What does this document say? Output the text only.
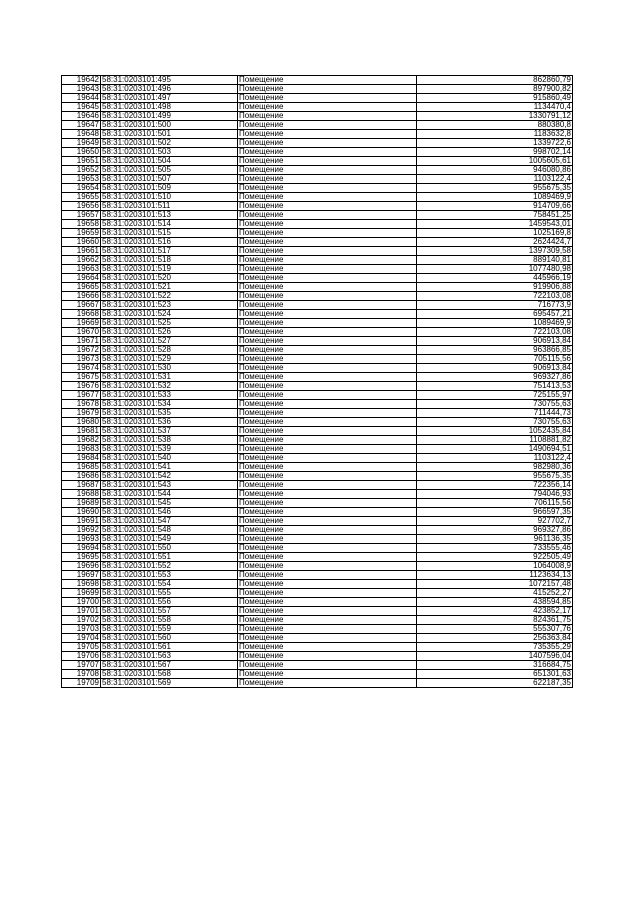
19642	58:31:0203101:495	Помещение	862860,79
19643	58:31:0203101:496	Помещение	897900,82
19644	58:31:0203101:497	Помещение	915860,49
19645	58:31:0203101:498	Помещение	1134470,4
19646	58:31:0203101:499	Помещение	1330791,12
19647	58:31:0203101:500	Помещение	880380,8
19648	58:31:0203101:501	Помещение	1183632,8
19649	58:31:0203101:502	Помещение	1339722,6
19650	58:31:0203101:503	Помещение	998702,14
19651	58:31:0203101:504	Помещение	1005605,61
19652	58:31:0203101:505	Помещение	946080,86
19653	58:31:0203101:507	Помещение	1103122,4
19654	58:31:0203101:509	Помещение	955675,35
19655	58:31:0203101:510	Помещение	1089469,9
19656	58:31:0203101:511	Помещение	914709,66
19657	58:31:0203101:513	Помещение	758451,25
19658	58:31:0203101:514	Помещение	1459543,01
19659	58:31:0203101:515	Помещение	1025169,8
19660	58:31:0203101:516	Помещение	2624424,7
19661	58:31:0203101:517	Помещение	1397309,58
19662	58:31:0203101:518	Помещение	889140,81
19663	58:31:0203101:519	Помещение	1077480,98
19664	58:31:0203101:520	Помещение	445966,19
19665	58:31:0203101:521	Помещение	919906,88
19666	58:31:0203101:522	Помещение	722103,08
19667	58:31:0203101:523	Помещение	716773,9
19668	58:31:0203101:524	Помещение	695457,21
19669	58:31:0203101:525	Помещение	1089469,9
19670	58:31:0203101:526	Помещение	722103,08
19671	58:31:0203101:527	Помещение	906913,84
19672	58:31:0203101:528	Помещение	963866,85
19673	58:31:0203101:529	Помещение	705115,56
19674	58:31:0203101:530	Помещение	906913,84
19675	58:31:0203101:531	Помещение	969327,86
19676	58:31:0203101:532	Помещение	751413,53
19677	58:31:0203101:533	Помещение	725155,97
19678	58:31:0203101:534	Помещение	730755,63
19679	58:31:0203101:535	Помещение	711444,73
19680	58:31:0203101:536	Помещение	730755,63
19681	58:31:0203101:537	Помещение	1052435,84
19682	58:31:0203101:538	Помещение	1108881,82
19683	58:31:0203101:539	Помещение	1490694,51
19684	58:31:0203101:540	Помещение	1103122,4
19685	58:31:0203101:541	Помещение	982980,36
19686	58:31:0203101:542	Помещение	955675,35
19687	58:31:0203101:543	Помещение	722356,14
19688	58:31:0203101:544	Помещение	794046,93
19689	58:31:0203101:545	Помещение	706115,56
19690	58:31:0203101:546	Помещение	966597,35
19691	58:31:0203101:547	Помещение	927702,7
19692	58:31:0203101:548	Помещение	969327,86
19693	58:31:0203101:549	Помещение	961136,35
19694	58:31:0203101:550	Помещение	733555,46
19695	58:31:0203101:551	Помещение	922505,49
19696	58:31:0203101:552	Помещение	1064008,9
19697	58:31:0203101:553	Помещение	1123634,13
19698	58:31:0203101:554	Помещение	1072157,48
19699	58:31:0203101:555	Помещение	415252,27
19700	58:31:0203101:556	Помещение	438594,85
19701	58:31:0203101:557	Помещение	423852,17
19702	58:31:0203101:558	Помещение	824361,75
19703	58:31:0203101:559	Помещение	555307,76
19704	58:31:0203101:560	Помещение	256363,84
19705	58:31:0203101:561	Помещение	735355,29
19706	58:31:0203101:563	Помещение	1407596,04
19707	58:31:0203101:567	Помещение	316684,75
19708	58:31:0203101:568	Помещение	651301,63
19709	58:31:0203101:569	Помещение	622187,35
